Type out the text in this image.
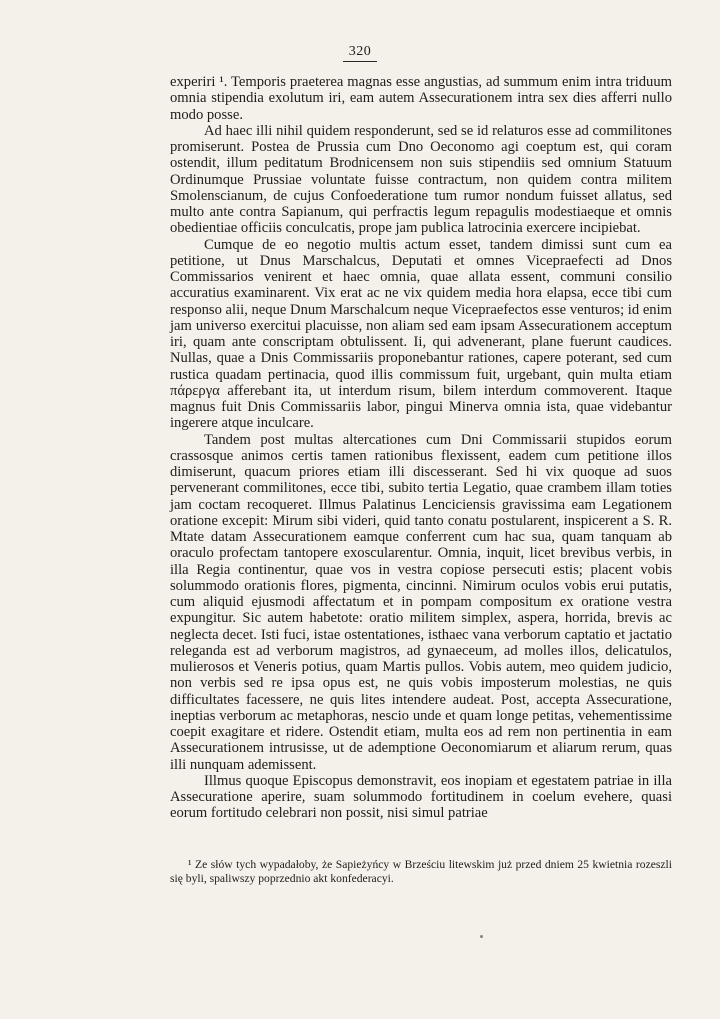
320

experiri ¹. Temporis praeterea magnas esse angustias, ad summum enim intra triduum omnia stipendia exolutum iri, eam autem Assecurationem intra sex dies afferri nullo modo posse.

Ad haec illi nihil quidem responderunt, sed se id relaturos esse ad commilitones promiserunt. Postea de Prussia cum Dno Oeconomo agi coeptum est, qui coram ostendit, illum peditatum Brodnicensem non suis stipendiis sed omnium Statuum Ordinumque Prussiae voluntate fuisse contractum, non quidem contra militem Smolenscianum, de cujus Confoederatione tum rumor nondum fuisset allatus, sed multo ante contra Sapianum, qui perfractis legum repagulis modestiaeque et omnis obedientiae officiis conculcatis, prope jam publica latrocinia exercere incipiebat.

Cumque de eo negotio multis actum esset, tandem dimissi sunt cum ea petitione, ut Dnus Marschalcus, Deputati et omnes Vicepraefecti ad Dnos Commissarios venirent et haec omnia, quae allata essent, communi consilio accuratius examinarent. Vix erat ac ne vix quidem media hora elapsa, ecce tibi cum responso alii, neque Dnum Marschalcum neque Vicepraefectos esse venturos; id enim jam universo exercitui placuisse, non aliam sed eam ipsam Assecurationem acceptum iri, quam ante conscriptam obtulissent. Ii, qui advenerant, plane fuerunt caudices. Nullas, quae a Dnis Commissariis proponebantur rationes, capere poterant, sed cum rustica quadam pertinacia, quod illis commissum fuit, urgebant, quin multa etiam πάρεργα afferebant ita, ut interdum risum, bilem interdum commoverent. Itaque magnus fuit Dnis Commissariis labor, pingui Minerva omnia ista, quae videbantur ingerere atque inculcare.

Tandem post multas altercationes cum Dni Commissarii stupidos eorum crassosque animos certis tamen rationibus flexissent, eadem cum petitione illos dimiserunt, quacum priores etiam illi discesserant. Sed hi vix quoque ad suos pervenerant commilitones, ecce tibi, subito tertia Legatio, quae crambem illam toties jam coctam recoqueret. Illmus Palatinus Lenciciensis gravissima eam Legationem oratione excepit: Mirum sibi videri, quid tanto conatu postularent, inspicerent a S. R. Mtate datam Assecurationem eamque conferrent cum hac sua, quam tanquam ab oraculo profectam tantopere exoscularentur. Omnia, inquit, licet brevibus verbis, in illa Regia continentur, quae vos in vestra copiose persecuti estis; placent vobis solummodo orationis flores, pigmenta, cincinni. Nimirum oculos vobis erui putatis, cum aliquid ejusmodi affectatum et in pompam compositum ex oratione vestra expungitur. Sic autem habetote: oratio militem simplex, aspera, horrida, brevis ac neglecta decet. Isti fuci, istae ostentationes, isthaec vana verborum captatio et jactatio releganda est ad verborum magistros, ad gynaeceum, ad molles illos, delicatulos, mulierosos et Veneris potius, quam Martis pullos. Vobis autem, meo quidem judicio, non verbis sed re ipsa opus est, ne quis vobis imposterum molestias, ne quis difficultates facessere, ne quis lites intendere audeat. Post, accepta Assecuratione, ineptias verborum ac metaphoras, nescio unde et quam longe petitas, vehementissime coepit exagitare et ridere. Ostendit etiam, multa eos ad rem non pertinentia in eam Assecurationem intrusisse, ut de ademptione Oeconomiarum et aliarum rerum, quas illi nunquam ademissent.

Illmus quoque Episcopus demonstravit, eos inopiam et egestatem patriae in illa Assecuratione aperire, suam solummodo fortitudinem in coelum evehere, quasi eorum fortitudo celebrari non possit, nisi simul patriae

¹ Ze słów tych wypadałoby, że Sapieżyńcy w Brześciu litewskim już przed dniem 25 kwietnia rozeszli się byli, spaliwszy poprzednio akt konfederacyi.
